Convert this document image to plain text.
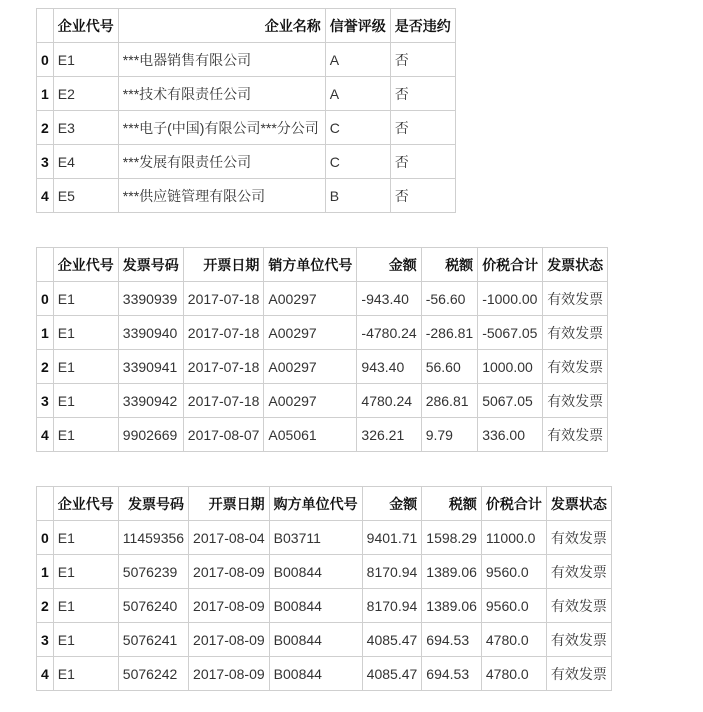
	企业代号	企业名称	信誉评级	是否违约
0	E1	***电器销售有限公司	A	否
1	E2	***技术有限责任公司	A	否
2	E3	***电子(中国)有限公司***分公司	C	否
3	E4	***发展有限责任公司	C	否
4	E5	***供应链管理有限公司	B	否
	企业代号	发票号码	开票日期	销方单位代号	金额	税额	价税合计	发票状态
0	E1	3390939	2017-07-18	A00297	-943.40	-56.60	-1000.00	有效发票
1	E1	3390940	2017-07-18	A00297	-4780.24	-286.81	-5067.05	有效发票
2	E1	3390941	2017-07-18	A00297	943.40	56.60	1000.00	有效发票
3	E1	3390942	2017-07-18	A00297	4780.24	286.81	5067.05	有效发票
4	E1	9902669	2017-08-07	A05061	326.21	9.79	336.00	有效发票
	企业代号	发票号码	开票日期	购方单位代号	金额	税额	价税合计	发票状态
0	E1	11459356	2017-08-04	B03711	9401.71	1598.29	11000.0	有效发票
1	E1	5076239	2017-08-09	B00844	8170.94	1389.06	9560.0	有效发票
2	E1	5076240	2017-08-09	B00844	8170.94	1389.06	9560.0	有效发票
3	E1	5076241	2017-08-09	B00844	4085.47	694.53	4780.0	有效发票
4	E1	5076242	2017-08-09	B00844	4085.47	694.53	4780.0	有效发票
